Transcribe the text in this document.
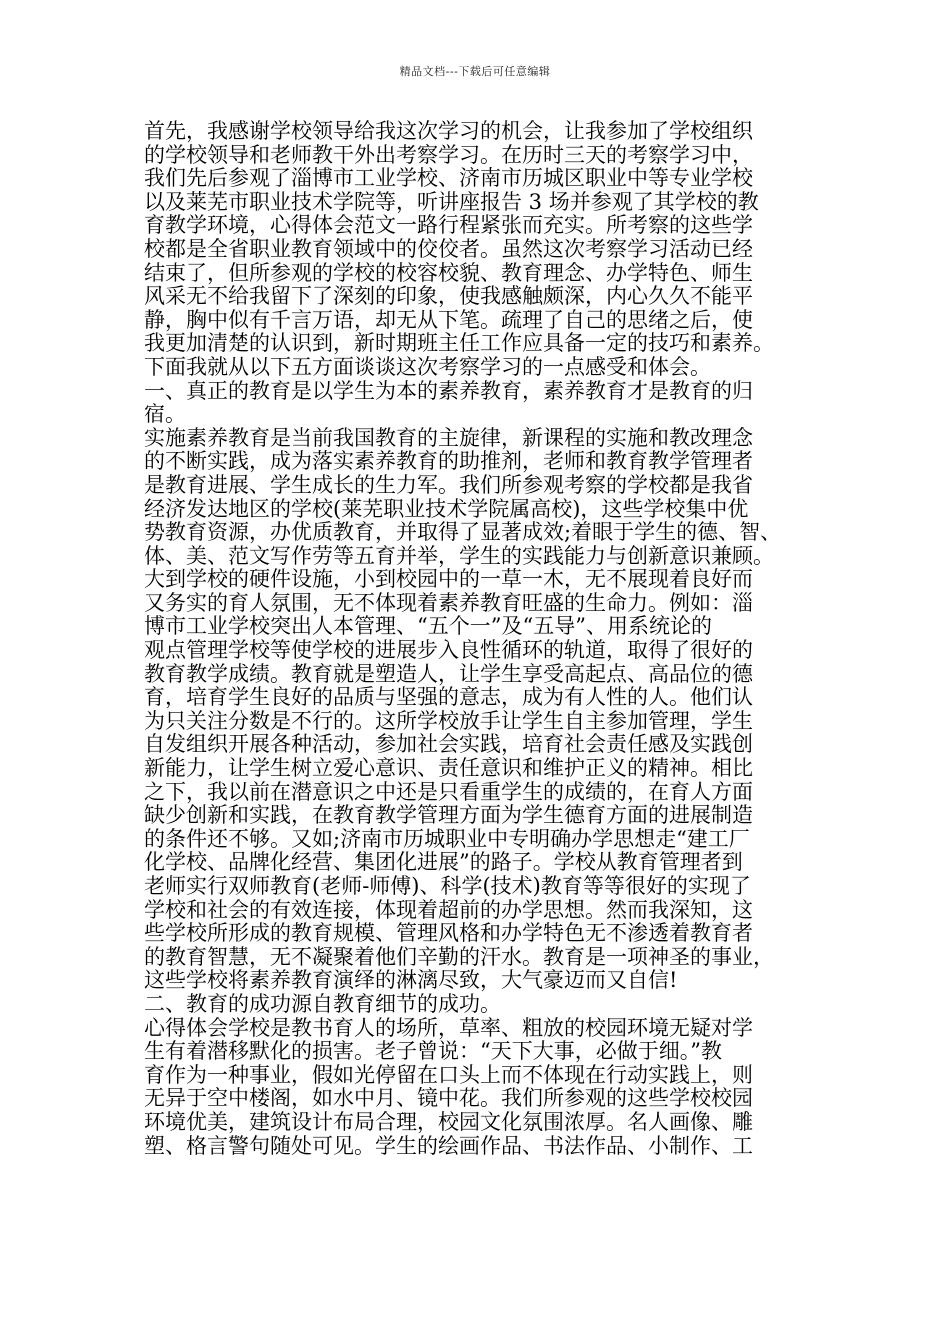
精品文档---下载后可任意编辑
首先，我感谢学校领导给我这次学习的机会，让我参加了学校组织
的学校领导和老师教干外出考察学习。在历时三天的考察学习中，
我们先后参观了淄博市工业学校、济南市历城区职业中等专业学校
以及莱芜市职业技术学院等，听讲座报告 3 场并参观了其学校的教
育教学环境，心得体会范文一路行程紧张而充实。所考察的这些学
校都是全省职业教育领域中的佼佼者。虽然这次考察学习活动已经
结束了，但所参观的学校的校容校貌、教育理念、办学特色、师生
风采无不给我留下了深刻的印象，使我感触颇深，内心久久不能平
静，胸中似有千言万语，却无从下笔。疏理了自己的思绪之后，使
我更加清楚的认识到，新时期班主任工作应具备一定的技巧和素养。
下面我就从以下五方面谈谈这次考察学习的一点感受和体会。
一、真正的教育是以学生为本的素养教育，素养教育才是教育的归
宿。
实施素养教育是当前我国教育的主旋律，新课程的实施和教改理念
的不断实践，成为落实素养教育的助推剂，老师和教育教学管理者
是教育进展、学生成长的生力军。我们所参观考察的学校都是我省
经济发达地区的学校(莱芜职业技术学院属高校)，这些学校集中优
势教育资源，办优质教育，并取得了显著成效;着眼于学生的德、智、
体、美、范文写作劳等五育并举，学生的实践能力与创新意识兼顾。
大到学校的硬件设施，小到校园中的一草一木，无不展现着良好而
又务实的育人氛围，无不体现着素养教育旺盛的生命力。例如：淄
博市工业学校突出人本管理、“五个一”及“五导”、用系统论的
观点管理学校等使学校的进展步入良性循环的轨道，取得了很好的
教育教学成绩。教育就是塑造人，让学生享受高起点、高品位的德
育，培育学生良好的品质与坚强的意志，成为有人性的人。他们认
为只关注分数是不行的。这所学校放手让学生自主参加管理，学生
自发组织开展各种活动，参加社会实践，培育社会责任感及实践创
新能力，让学生树立爱心意识、责任意识和维护正义的精神。相比
之下，我以前在潜意识之中还是只看重学生的成绩的，在育人方面
缺少创新和实践，在教育教学管理方面为学生德育方面的进展制造
的条件还不够。又如;济南市历城职业中专明确办学思想走“建工厂
化学校、品牌化经营、集团化进展”的路子。学校从教育管理者到
老师实行双师教育(老师-师傅)、科学(技术)教育等等很好的实现了
学校和社会的有效连接，体现着超前的办学思想。然而我深知，这
些学校所形成的教育规模、管理风格和办学特色无不渗透着教育者
的教育智慧，无不凝聚着他们辛勤的汗水。教育是一项神圣的事业，
这些学校将素养教育演绎的淋漓尽致，大气豪迈而又自信!
二、教育的成功源自教育细节的成功。
心得体会学校是教书育人的场所，草率、粗放的校园环境无疑对学
生有着潜移默化的损害。老子曾说：“天下大事，必做于细。”教
育作为一种事业，假如光停留在口头上而不体现在行动实践上，则
无异于空中楼阁，如水中月、镜中花。我们所参观的这些学校校园
环境优美，建筑设计布局合理，校园文化氛围浓厚。名人画像、雕
塑、格言警句随处可见。学生的绘画作品、书法作品、小制作、工
